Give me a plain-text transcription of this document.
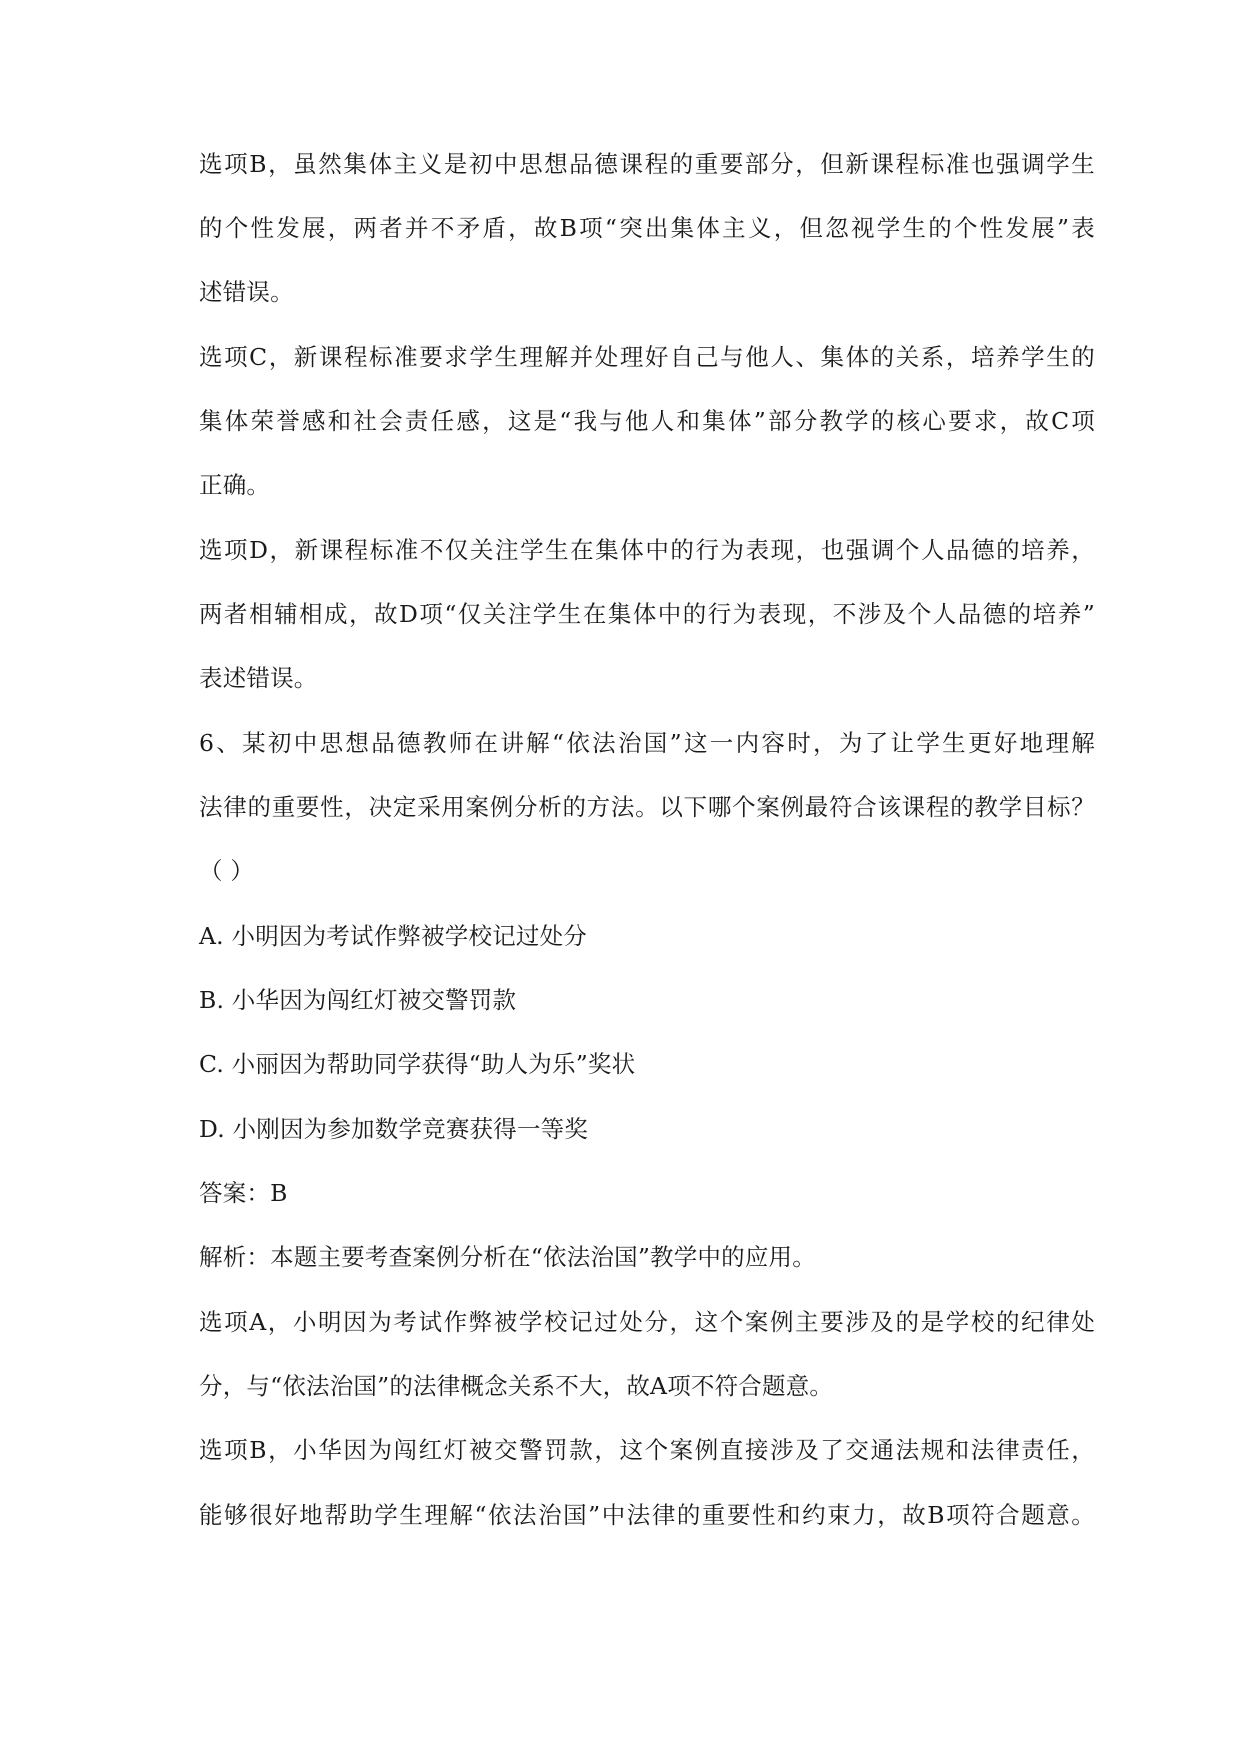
选项B，虽然集体主义是初中思想品德课程的重要部分，但新课程标准也强调学生
的个性发展，两者并不矛盾，故B项“突出集体主义，但忽视学生的个性发展”表
述错误。
选项C，新课程标准要求学生理解并处理好自己与他人、集体的关系，培养学生的
集体荣誉感和社会责任感，这是“我与他人和集体”部分教学的核心要求，故C项
正确。
选项D，新课程标准不仅关注学生在集体中的行为表现，也强调个人品德的培养，
两者相辅相成，故D项“仅关注学生在集体中的行为表现，不涉及个人品德的培养”
表述错误。
6、某初中思想品德教师在讲解“依法治国”这一内容时，为了让学生更好地理解
法律的重要性，决定采用案例分析的方法。以下哪个案例最符合该课程的教学目标？
（ ）
A. 小明因为考试作弊被学校记过处分
B. 小华因为闯红灯被交警罚款
C. 小丽因为帮助同学获得“助人为乐”奖状
D. 小刚因为参加数学竞赛获得一等奖
答案：B
解析：本题主要考查案例分析在“依法治国”教学中的应用。
选项A，小明因为考试作弊被学校记过处分，这个案例主要涉及的是学校的纪律处
分，与“依法治国”的法律概念关系不大，故A项不符合题意。
选项B，小华因为闯红灯被交警罚款，这个案例直接涉及了交通法规和法律责任，
能够很好地帮助学生理解“依法治国”中法律的重要性和约束力，故B项符合题意。
